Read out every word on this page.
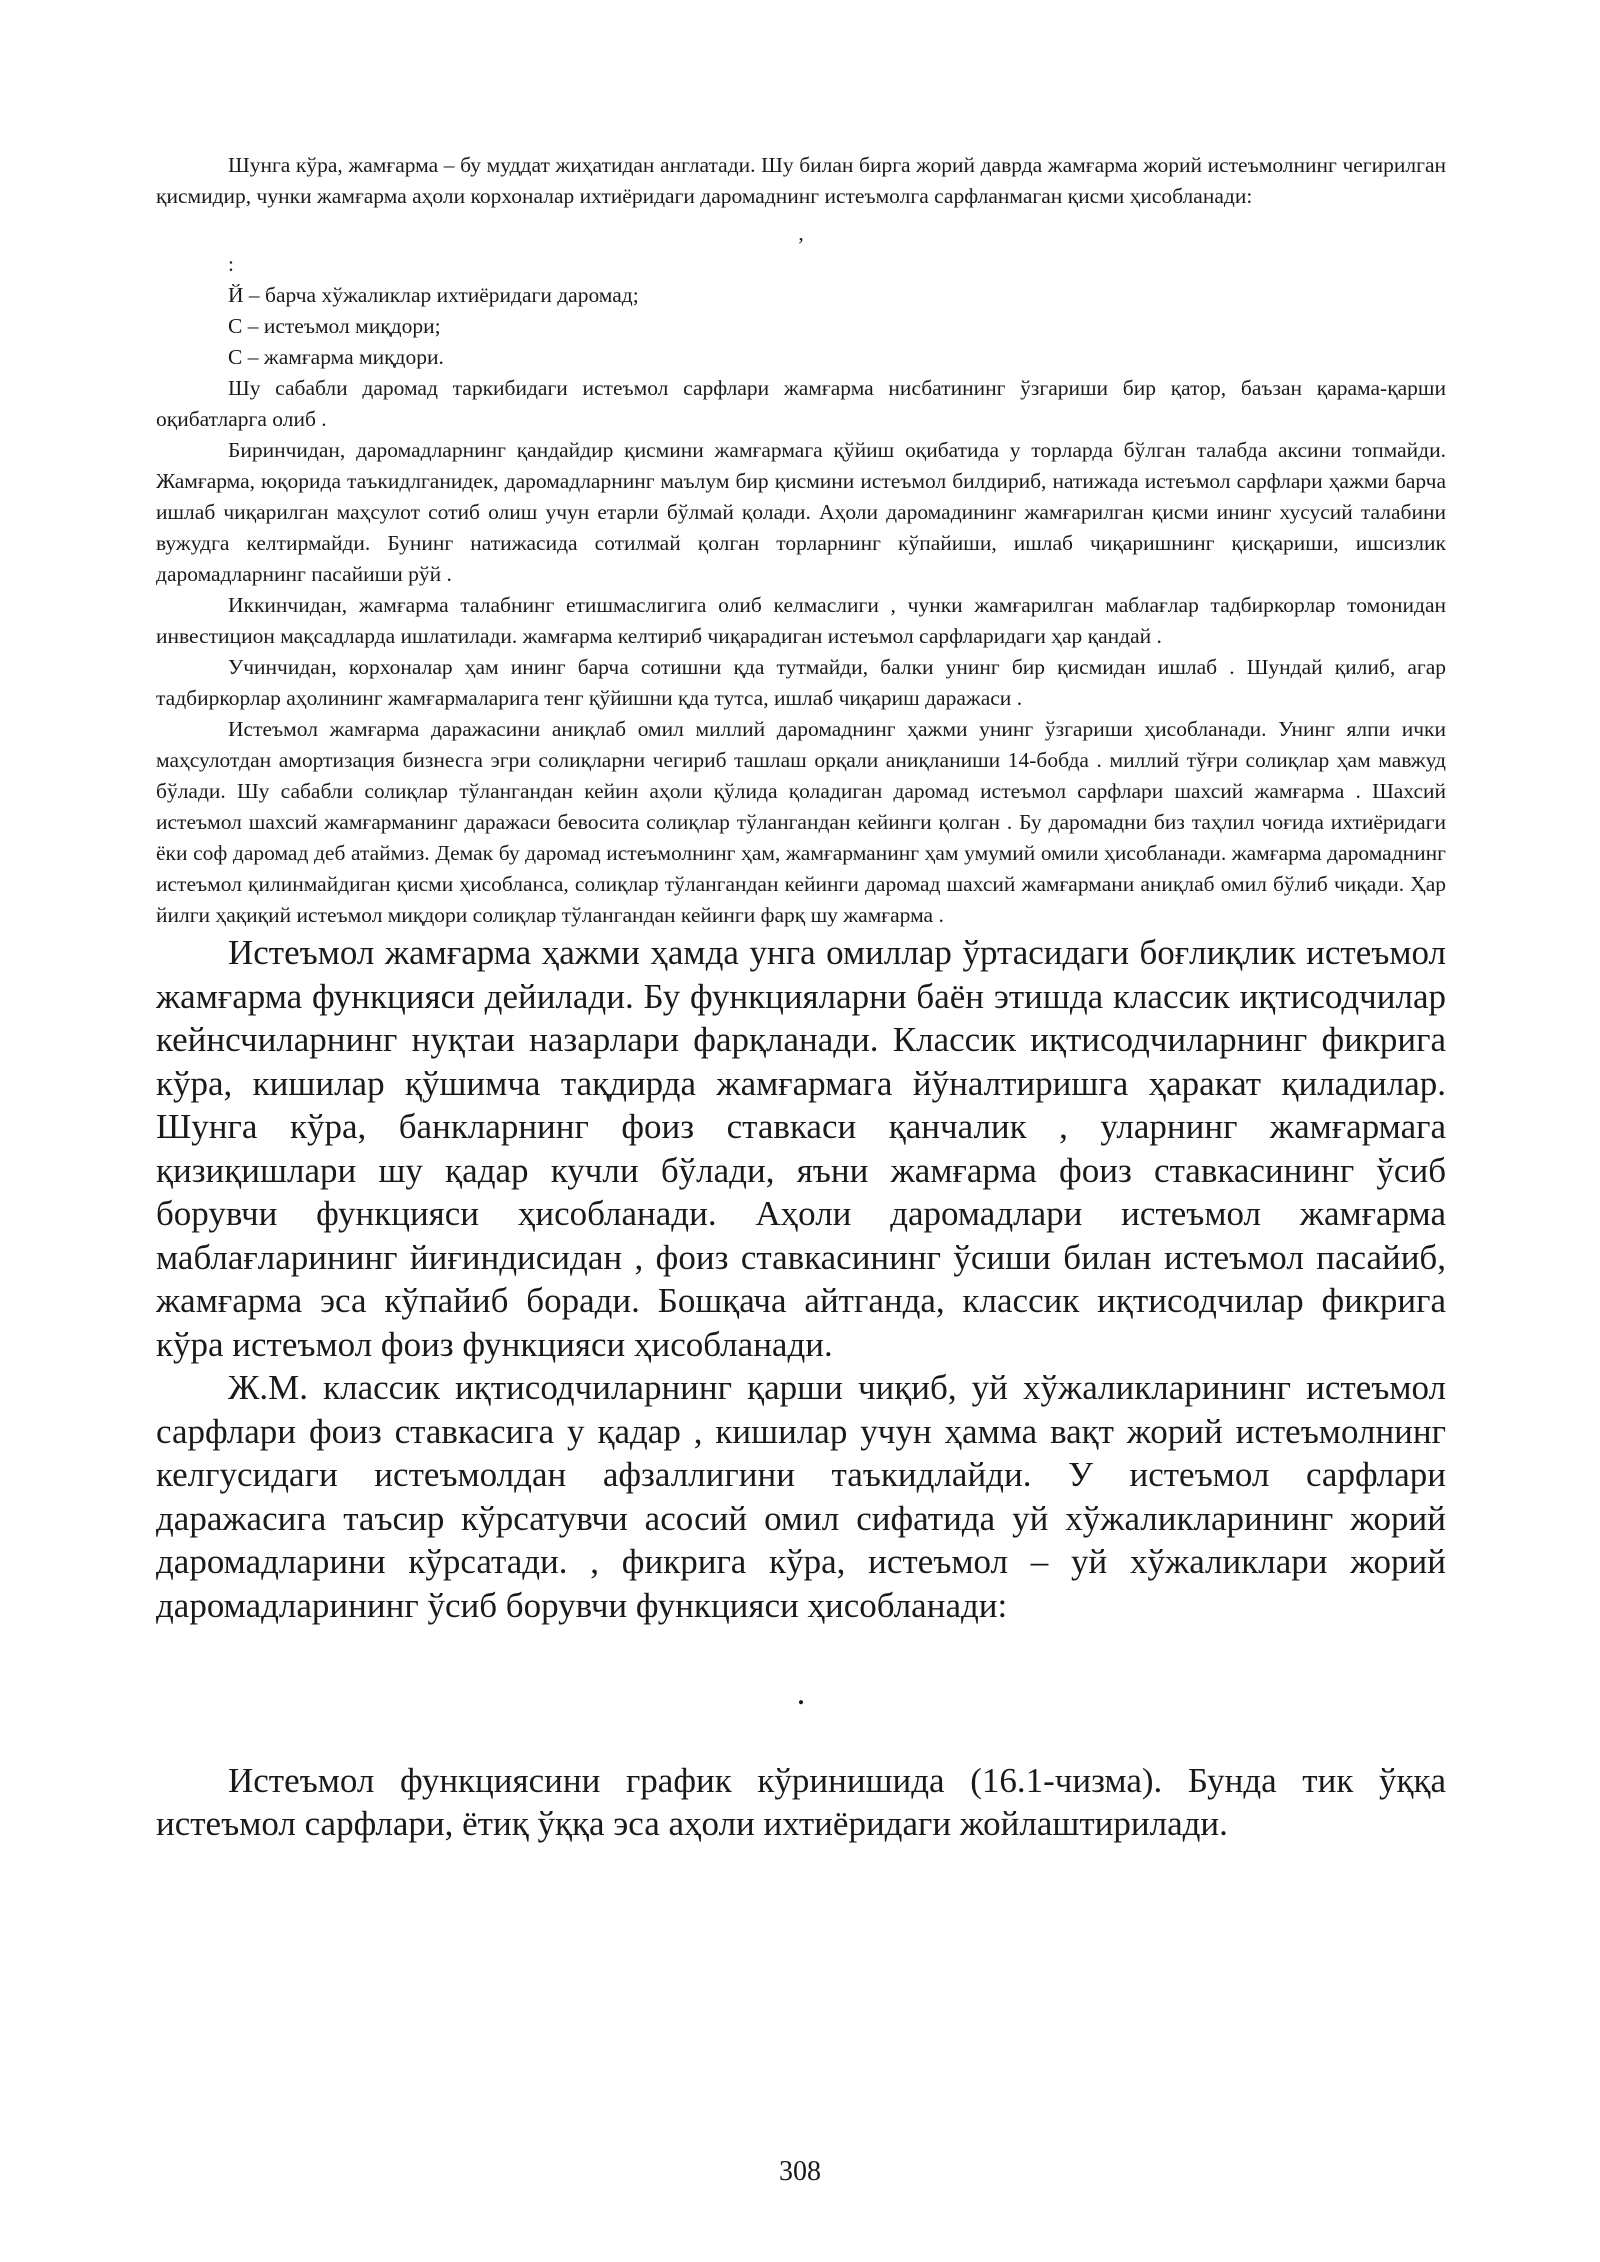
Шунга кўра, жамғарма – бу муддат жиҳатидан англатади. Шу билан бирга жорий даврда жамғарма жорий истеъмолнинг чегирилган қисмидир, чунки жамғарма аҳоли корхоналар ихтиёридаги даромаднинг истеъмолга сарфланмаган қисми ҳисобланади:

,

:

Й – барча хўжаликлар ихтиёридаги даромад;

С – истеъмол миқдори;

С – жамғарма миқдори.

Шу сабабли даромад таркибидаги истеъмол сарфлари жамғарма нисбатининг ўзгариши бир қатор, баъзан қарама-қарши оқибатларга олиб .

Биринчидан, даромадларнинг қандайдир қисмини жамғармага қўйиш оқибатида у торларда бўлган талабда аксини топмайди. Жамғарма, юқорида таъкидлганидек, даромадларнинг маълум бир қисмини истеъмол билдириб, натижада истеъмол сарфлари ҳажми барча ишлаб чиқарилган маҳсулот сотиб олиш учун етарли бўлмай қолади. Аҳоли даромадининг жамғарилган қисми ининг хусусий талабини вужудга келтирмайди. Бунинг натижасида сотилмай қолган торларнинг кўпайиши, ишлаб чиқаришнинг қисқариши, ишсизлик даромадларнинг пасайиши рўй .

Иккинчидан, жамғарма талабнинг етишмаслигига олиб келмаслиги , чунки жамғарилган маблағлар тадбиркорлар томонидан инвестицион мақсадларда ишлатилади. жамғарма келтириб чиқарадиган истеъмол сарфлаpидаги ҳар қандай .

Учинчидан, корхоналар ҳам ининг барча сотишни қда тутмайди, балки унинг бир қисмидан ишлаб . Шундай қилиб, агар тадбиркорлар аҳолининг жамғармаларига тенг қўйишни қда тутса, ишлаб чиқариш даражаси .

Истеъмол жамғарма даражасини аниқлаб омил миллий даромаднинг ҳажми унинг ўзгариши ҳисобланади. Унинг ялпи ички маҳсулотдан амортизация бизнесга эгри солиқларни чегириб ташлаш орқали аниқланиши 14-бобда . миллий тўғри солиқлар ҳам мавжуд бўлади. Шу сабабли солиқлар тўлангандан кейин аҳоли қўлида қоладиган даромад истеъмол сарфлари шахсий жамғарма . Шахсий истеъмол шахсий жамғарманинг даражаси бевосита солиқлар тўлангандан кейинги қолган . Бу даромадни биз таҳлил чоғида ихтиёридаги ёки соф даромад деб атаймиз. Демак бу даромад истеъмолнинг ҳам, жамғарманинг ҳам умумий омили ҳисобланади. жамғарма даромаднинг истеъмол қилинмайдиган қисми ҳисобланса, солиқлар тўлангандан кейинги даромад шахсий жамғармани аниқлаб омил бўлиб чиқади. Ҳар йилги ҳақиқий истеъмол миқдори солиқлар тўлангандан кейинги фарқ шу жамғарма .

Истеъмол жамғарма ҳажми ҳамда унга омиллар ўртасидаги боғлиқлик истеъмол жамғарма функцияси дейилади. Бу функцияларни баён этишда классик иқтисодчилар кейнсчиларнинг нуқтаи назарлари фарқланади. Классик иқтисодчиларнинг фикрига кўра, кишилар қўшимча тақдирда жамғармага йўналтиришга ҳаракат қиладилар. Шунга кўра, банкларнинг фоиз ставкаси қанчалик , уларнинг жамғармага қизиқишлари шу қадар кучли бўлади, яъни жамғарма фоиз ставкасининг ўсиб борувчи функцияси ҳисобланади. Аҳоли даромадлари истеъмол жамғарма маблағларининг йиғиндисидан , фоиз ставкасининг ўсиши билан истеъмол пасайиб, жамғарма эса кўпайиб боради. Бошқача айтганда, классик иқтисодчилар фикрига кўра истеъмол фоиз функцияси ҳисобланади.

Ж.М. классик иқтисодчиларнинг қарши чиқиб, уй хўжаликларининг истеъмол сарфлари фоиз ставкасига у қадар , кишилар учун ҳамма вақт жорий истеъмолнинг келгусидаги истеъмолдан афзаллигини таъкидлайди. У истеъмол сарфлари даражасига таъсир кўрсатувчи асосий омил сифатида уй хўжаликларининг жорий даромадларини кўрсатади. , фикрига кўра, истеъмол – уй хўжаликлари жорий даромадларининг ўсиб борувчи функцияси ҳисобланади:

.

Истеъмол функциясини график кўринишида (16.1-чизма). Бунда тик ўққа истеъмол сарфлари, ётиқ ўққа эса аҳоли ихтиёридаги жойлаштирилади.

308
